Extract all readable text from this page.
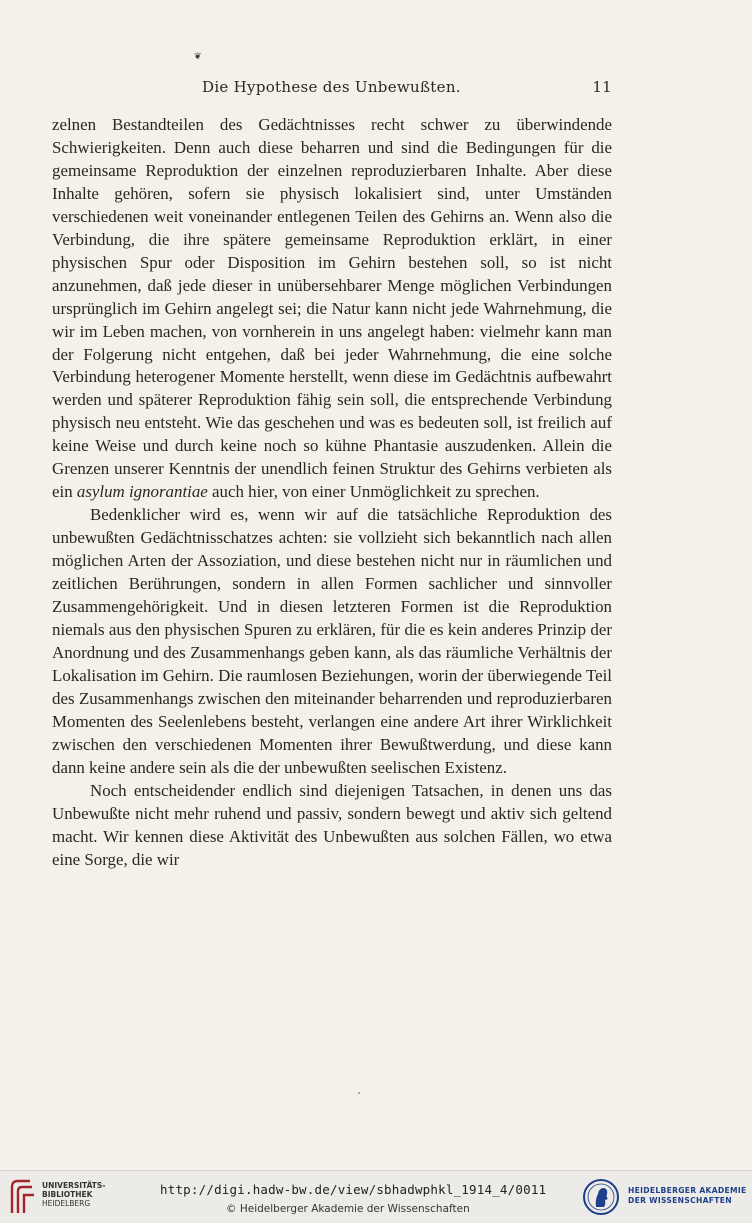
❦
Die Hypothese des Unbewußten.	11

zelnen Bestandteilen des Gedächtnisses recht schwer zu überwindende Schwierigkeiten. Denn auch diese beharren und sind die Bedingungen für die gemeinsame Reproduktion der einzelnen reproduzierbaren Inhalte. Aber diese Inhalte gehören, sofern sie physisch lokalisiert sind, unter Umständen verschiedenen weit voneinander entlegenen Teilen des Gehirns an. Wenn also die Verbindung, die ihre spätere gemeinsame Reproduktion erklärt, in einer physischen Spur oder Disposition im Gehirn bestehen soll, so ist nicht anzunehmen, daß jede dieser in unübersehbarer Menge möglichen Verbindungen ursprünglich im Gehirn angelegt sei; die Natur kann nicht jede Wahrnehmung, die wir im Leben machen, von vornherein in uns angelegt haben: vielmehr kann man der Folgerung nicht entgehen, daß bei jeder Wahrnehmung, die eine solche Verbindung heterogener Momente herstellt, wenn diese im Gedächtnis aufbewahrt werden und späterer Reproduktion fähig sein soll, die entsprechende Verbindung physisch neu entsteht. Wie das geschehen und was es bedeuten soll, ist freilich auf keine Weise und durch keine noch so kühne Phantasie auszudenken. Allein die Grenzen unserer Kenntnis der unendlich feinen Struktur des Gehirns verbieten als ein asylum ignorantiae auch hier, von einer Unmöglichkeit zu sprechen.

Bedenklicher wird es, wenn wir auf die tatsächliche Reproduktion des unbewußten Gedächtnisschatzes achten: sie vollzieht sich bekanntlich nach allen möglichen Arten der Assoziation, und diese bestehen nicht nur in räumlichen und zeitlichen Berührungen, sondern in allen Formen sachlicher und sinnvoller Zusammengehörigkeit. Und in diesen letzteren Formen ist die Reproduktion niemals aus den physischen Spuren zu erklären, für die es kein anderes Prinzip der Anordnung und des Zusammenhangs geben kann, als das räumliche Verhältnis der Lokalisation im Gehirn. Die raumlosen Beziehungen, worin der überwiegende Teil des Zusammenhangs zwischen den miteinander beharrenden und reproduzierbaren Momenten des Seelenlebens besteht, verlangen eine andere Art ihrer Wirklichkeit zwischen den verschiedenen Momenten ihrer Bewußtwerdung, und diese kann dann keine andere sein als die der unbewußten seelischen Existenz.

Noch entscheidender endlich sind diejenigen Tatsachen, in denen uns das Unbewußte nicht mehr ruhend und passiv, sondern bewegt und aktiv sich geltend macht. Wir kennen diese Aktivität des Unbewußten aus solchen Fällen, wo etwa eine Sorge, die wir

UNIVERSITÄTS-
BIBLIOTHEK
HEIDELBERG
http://digi.hadw-bw.de/view/sbhadwphkl_1914_4/0011
© Heidelberger Akademie der Wissenschaften
HEIDELBERGER AKADEMIE
DER WISSENSCHAFTEN
